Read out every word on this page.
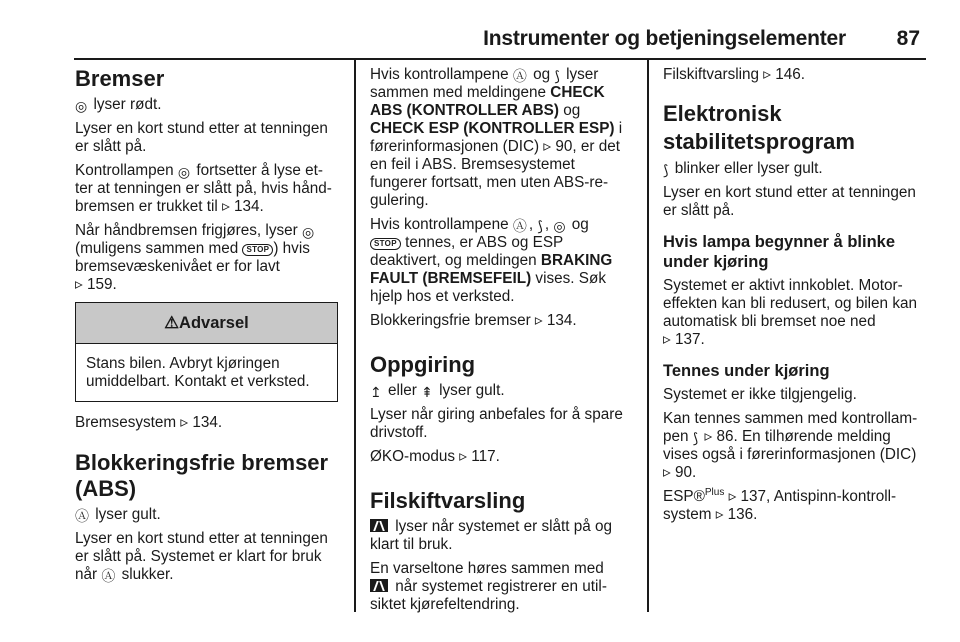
Instrumenter og betjeningselementer 87
Bremser

◎ lyser rødt.

Lyser en kort stund etter at tenningen er slått på.

Kontrollampen ◎ fortsetter å lyse et-ter at tenningen er slått på, hvis hånd-bremsen er trukket til ▹ 134.

Når håndbremsen frigjøres, lyser ◎ (muligens sammen med STOP ) hvis bremsevæskenivået er for lavt
▹ 159.

⚠Advarsel
Stans bilen. Avbryt kjøringen umiddelbart. Kontakt et verksted.

Bremsesystem ▹ 134.

Blokkeringsfrie bremser (ABS)

Ⓐ lyser gult.

Lyser en kort stund etter at tenningen er slått på. Systemet er klart for bruk når Ⓐ slukker.

Hvis kontrollampene Ⓐ og ⟆ lyser sammen med meldingene CHECK ABS (KONTROLLER ABS) og
CHECK ESP (KONTROLLER ESP) i førerinformasjonen (DIC) ▹ 90, er det en feil i ABS. Bremsesystemet fungerer fortsatt, men uten ABS-re-gulering.

Hvis kontrollampene Ⓐ , ⟆ , ◎ og
STOP tennes, er ABS og ESP deaktivert, og meldingen BRAKING FAULT (BREMSEFEIL) vises. Søk hjelp hos et verksted.

Blokkeringsfrie bremser ▹ 134.

Oppgiring

↥ eller ⇞ lyser gult.

Lyser når giring anbefales for å spare drivstoff.

ØKO-modus ▹ 117.

Filskiftvarsling

lyser når systemet er slått på og klart til bruk.

En varseltone høres sammen med
når systemet registrerer en util-siktet kjørefeltendring.

Filskiftvarsling ▹ 146.

Elektronisk stabilitetsprogram

⟆ blinker eller lyser gult.

Lyser en kort stund etter at tenningen er slått på.

Hvis lampa begynner å blinke under kjøring

Systemet er aktivt innkoblet. Motor-effekten kan bli redusert, og bilen kan automatisk bli bremset noe ned
▹ 137.

Tennes under kjøring

Systemet er ikke tilgjengelig.

Kan tennes sammen med kontrollam-pen ⟆ ▹ 86. En tilhørende melding vises også i førerinformasjonen (DIC)
▹ 90.

ESP®$^{Plus}$ ▹ 137, Antispinn-kontroll-system ▹ 136.
